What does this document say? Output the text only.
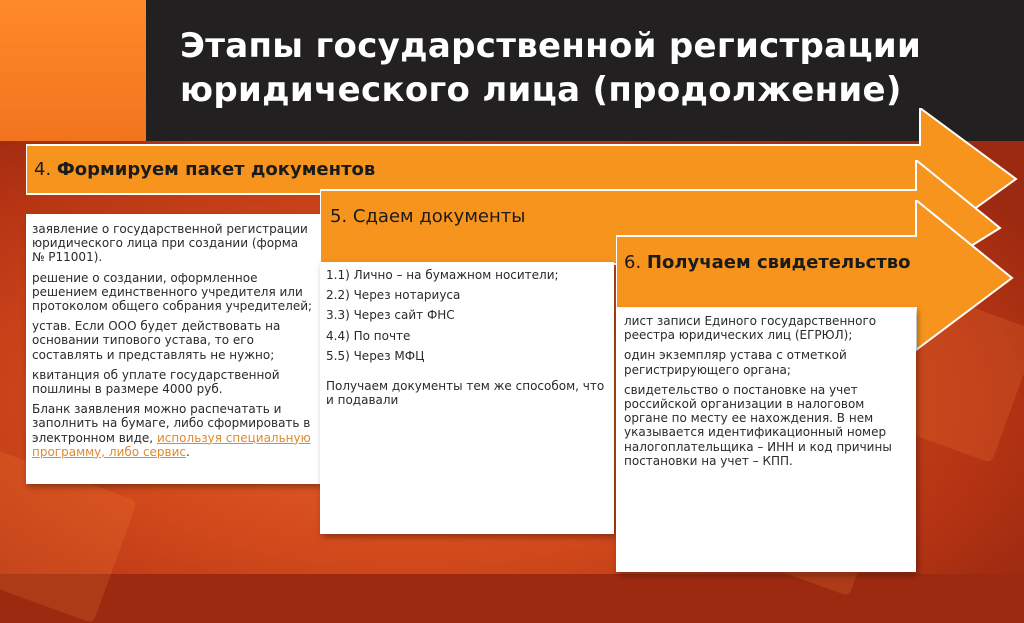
Этапы государственной регистрации
юридического лица (продолжение)
4. Формируем пакет документов

заявление о государственной регистрации юридического лица при создании (форма № Р11001).

решение о создании, оформленное решением единственного учредителя или протоколом общего собрания учредителей;

устав. Если ООО будет действовать на основании типового устава, то его составлять и представлять не нужно;

квитанция об уплате государственной пошлины в размере 4000 руб.

Бланк заявления можно распечатать и заполнить на бумаге, либо сформировать в электронном виде, используя специальную программу, либо сервис.

5. Сдаем документы

1.1) Лично – на бумажном носители;

2.2) Через нотариуса

3.3) Через сайт ФНС

4.4) По почте

5.5) Через МФЦ

Получаем документы тем же способом, что и подавали

6. Получаем свидетельство

лист записи Единого государственного реестра юридических лиц (ЕГРЮЛ);

один экземпляр устава с отметкой регистрирующего органа;

свидетельство о постановке на учет российской организации в налоговом органе по месту ее нахождения. В нем указывается идентификационный номер налогоплательщика – ИНН и код причины постановки на учет – КПП.
